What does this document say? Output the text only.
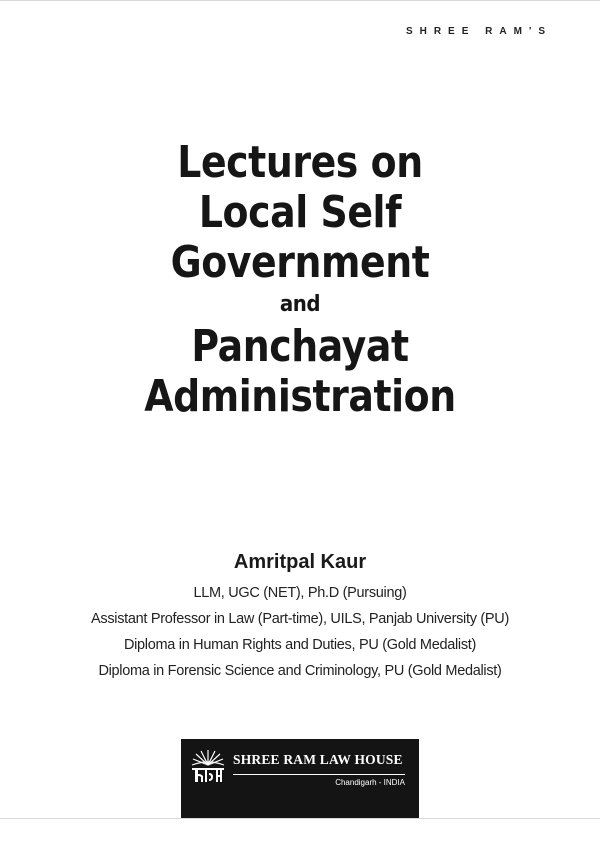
SHREE RAM'S
Lectures on
Local Self
Government
and
Panchayat
Administration
Amritpal Kaur
LLM, UGC (NET), Ph.D (Pursuing)
Assistant Professor in Law (Part-time), UILS, Panjab University (PU)
Diploma in Human Rights and Duties, PU (Gold Medalist)
Diploma in Forensic Science and Criminology, PU (Gold Medalist)
SHREE RAM LAW HOUSE
Chandigarh - INDIA
